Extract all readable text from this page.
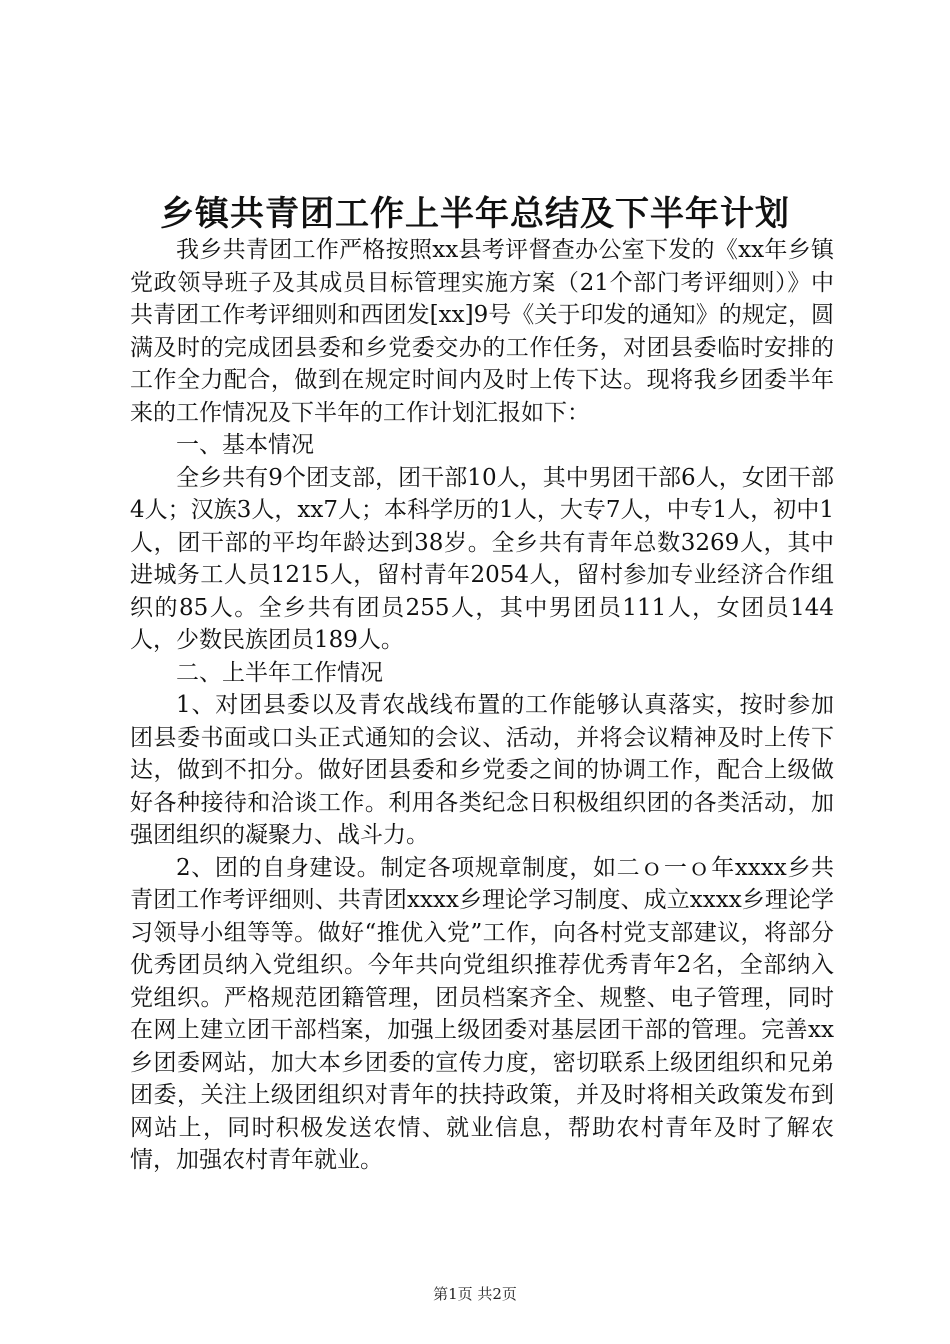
乡镇共青团工作上半年总结及下半年计划

我乡共青团工作严格按照xx县考评督查办公室下发的《xx年乡镇党政领导班子及其成员目标管理实施方案（21个部门考评细则）》中共青团工作考评细则和西团发[xx]9号《关于印发的通知》的规定，圆满及时的完成团县委和乡党委交办的工作任务，对团县委临时安排的工作全力配合，做到在规定时间内及时上传下达。现将我乡团委半年来的工作情况及下半年的工作计划汇报如下：

一、基本情况

全乡共有9个团支部，团干部10人，其中男团干部6人，女团干部4人；汉族3人，xx7人；本科学历的1人，大专7人，中专1人，初中1人，团干部的平均年龄达到38岁。全乡共有青年总数3269人，其中进城务工人员1215人，留村青年2054人，留村参加专业经济合作组织的85人。全乡共有团员255人，其中男团员111人，女团员144人，少数民族团员189人。

二、上半年工作情况

1、对团县委以及青农战线布置的工作能够认真落实，按时参加团县委书面或口头正式通知的会议、活动，并将会议精神及时上传下达，做到不扣分。做好团县委和乡党委之间的协调工作，配合上级做好各种接待和洽谈工作。利用各类纪念日积极组织团的各类活动，加强团组织的凝聚力、战斗力。

2、团的自身建设。制定各项规章制度，如二ｏ一ｏ年xxxx乡共青团工作考评细则、共青团xxxx乡理论学习制度、成立xxxx乡理论学习领导小组等等。做好“推优入党”工作，向各村党支部建议，将部分优秀团员纳入党组织。今年共向党组织推荐优秀青年2名，全部纳入党组织。严格规范团籍管理，团员档案齐全、规整、电子管理，同时在网上建立团干部档案，加强上级团委对基层团干部的管理。完善xx乡团委网站，加大本乡团委的宣传力度，密切联系上级团组织和兄弟团委，关注上级团组织对青年的扶持政策，并及时将相关政策发布到网站上，同时积极发送农情、就业信息，帮助农村青年及时了解农情，加强农村青年就业。

第1页 共2页
